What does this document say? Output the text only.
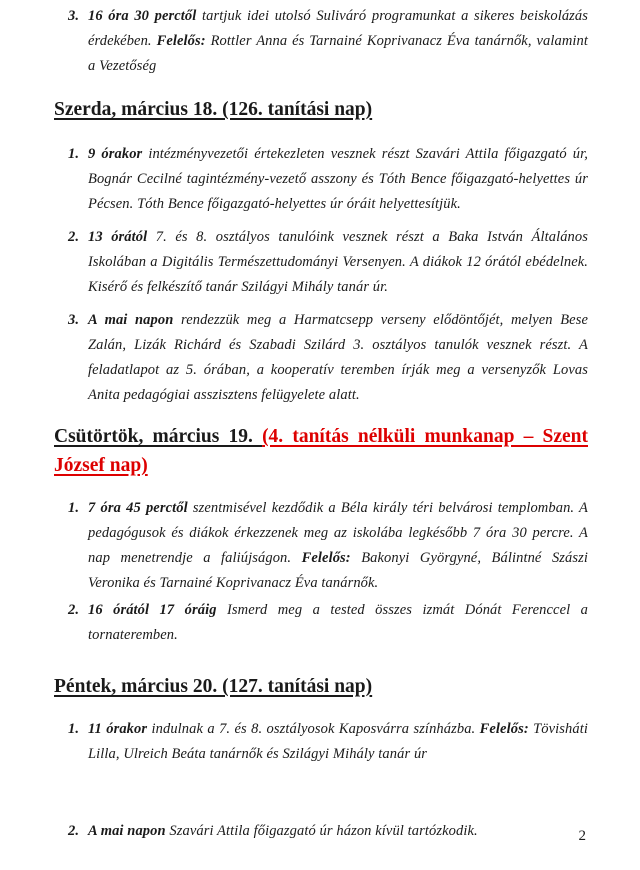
3. 16 óra 30 perctől tartjuk idei utolsó Suliváró programunkat a sikeres beiskolázás érdekében. Felelős: Rottler Anna és Tarnainé Koprivanacz Éva tanárnők, valamint a Vezetőség
Szerda, március 18. (126. tanítási nap)
1. 9 órakor intézményvezetői értekezleten vesznek részt Szavári Attila főigazgató úr, Bognár Cecilné tagintézmény-vezető asszony és Tóth Bence főigazgató-helyettes úr Pécsen. Tóth Bence főigazgató-helyettes úr óráit helyettesítjük.
2. 13 órától 7. és 8. osztályos tanulóink vesznek részt a Baka István Általános Iskolában a Digitális Természettudományi Versenyen. A diákok 12 órától ebédelnek. Kisérő és felkészítő tanár Szilágyi Mihály tanár úr.
3. A mai napon rendezzük meg a Harmatcsepp verseny elődöntőjét, melyen Bese Zalán, Lizák Richárd és Szabadi Szilárd 3. osztályos tanulók vesznek részt. A feladatlapot az 5. órában, a kooperatív teremben írják meg a versenyzők Lovas Anita pedagógiai asszisztens felügyelete alatt.
Csütörtök, március 19. (4. tanítás nélküli munkanap – Szent József nap)
1. 7 óra 45 perctől szentmisével kezdődik a Béla király téri belvárosi templomban. A pedagógusok és diákok érkezzenek meg az iskolába legkésőbb 7 óra 30 percre. A nap menetrendje a faliújságon. Felelős: Bakonyi Györgyné, Bálintné Szászi Veronika és Tarnainé Koprivanacz Éva tanárnők.
2. 16 órától 17 óráig Ismerd meg a tested összes izmát Dónát Ferenccel a tornateremben.
Péntek, március 20. (127. tanítási nap)
1. 11 órakor indulnak a 7. és 8. osztályosok Kaposvárra színházba. Felelős: Tövisháti Lilla, Ulreich Beáta tanárnők és Szilágyi Mihály tanár úr
2. A mai napon Szavári Attila főigazgató úr házon kívül tartózkodik.	2
